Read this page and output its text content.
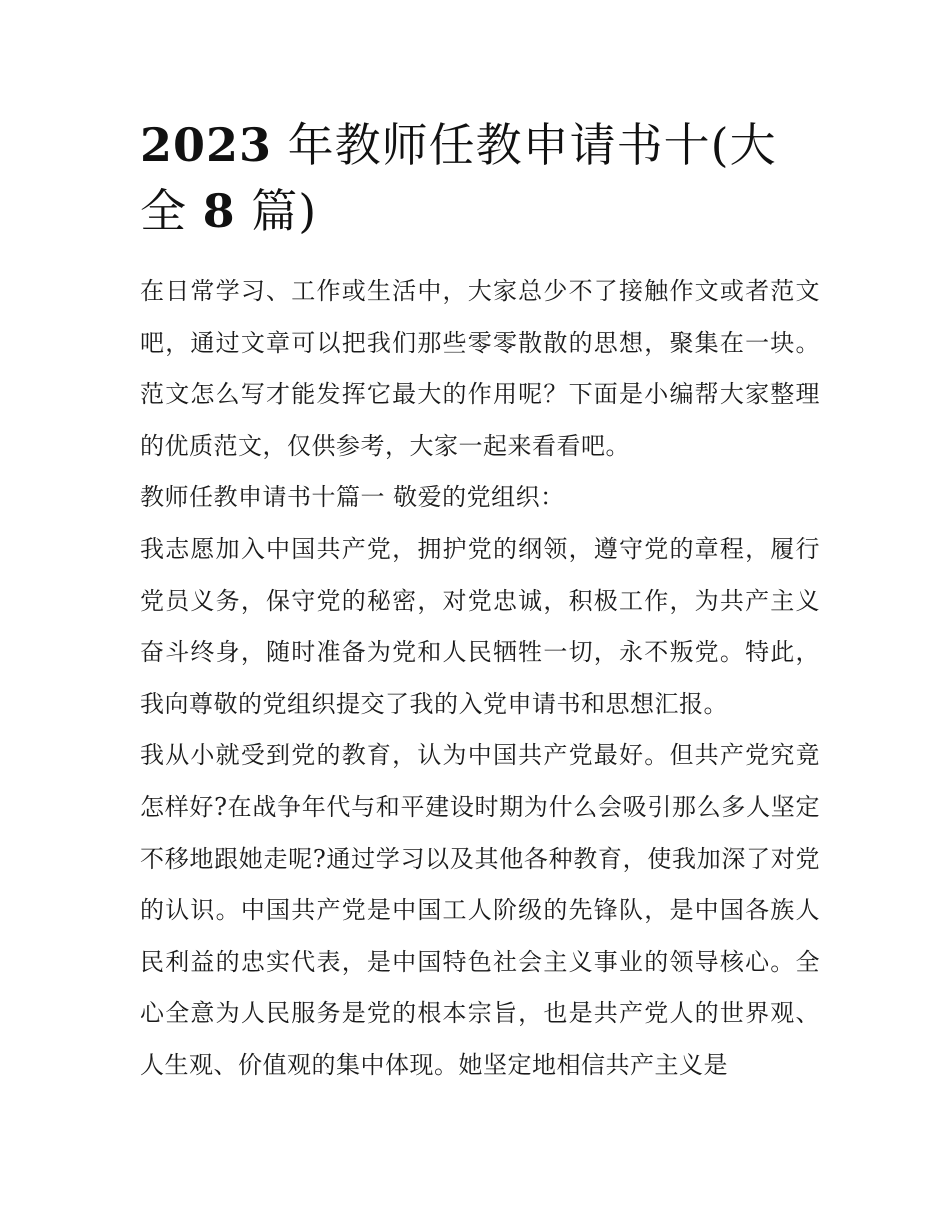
2023 年教师任教申请书十(大
全 8 篇)

在日常学习、工作或生活中，大家总少不了接触作文或者范文吧，通过文章可以把我们那些零零散散的思想，聚集在一块。范文怎么写才能发挥它最大的作用呢？下面是小编帮大家整理的优质范文，仅供参考，大家一起来看看吧。

教师任教申请书十篇一 敬爱的党组织：

我志愿加入中国共产党，拥护党的纲领，遵守党的章程，履行党员义务，保守党的秘密，对党忠诚，积极工作，为共产主义奋斗终身，随时准备为党和人民牺牲一切，永不叛党。特此，我向尊敬的党组织提交了我的入党申请书和思想汇报。

我从小就受到党的教育，认为中国共产党最好。但共产党究竟怎样好?在战争年代与和平建设时期为什么会吸引那么多人坚定不移地跟她走呢?通过学习以及其他各种教育，使我加深了对党的认识。中国共产党是中国工人阶级的先锋队，是中国各族人民利益的忠实代表，是中国特色社会主义事业的领导核心。全心全意为人民服务是党的根本宗旨，也是共产党人的世界观、人生观、价值观的集中体现。她坚定地相信共产主义是
